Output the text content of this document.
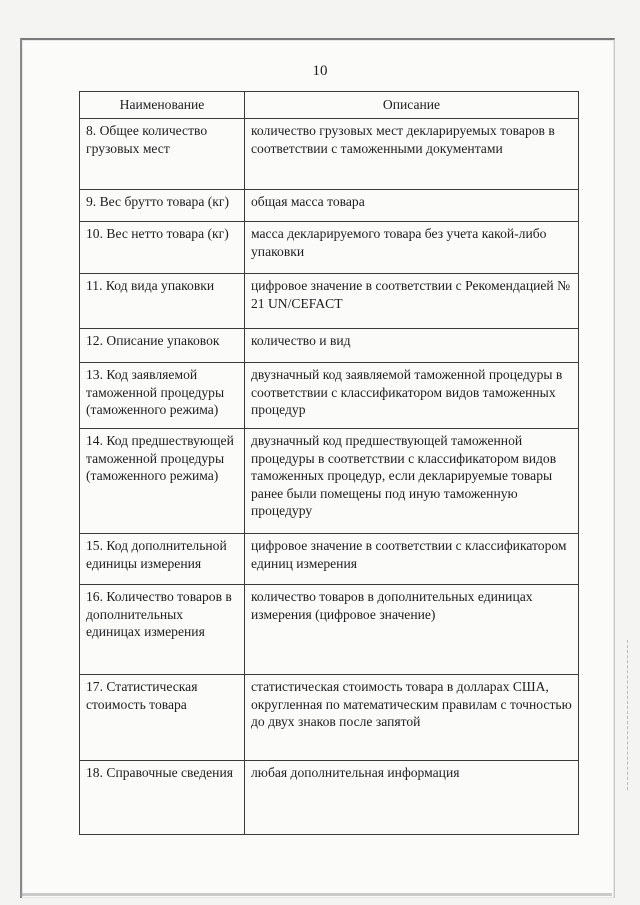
10
Наименование	Описание
8. Общее количество грузовых мест	количество грузовых мест декларируемых товаров в соответствии с таможенными документами
9. Вес брутто товара (кг)	общая масса товара
10. Вес нетто товара (кг)	масса декларируемого товара без учета какой-либо упаковки
11. Код вида упаковки	цифровое значение в соответствии с Рекомендацией № 21 UN/CEFACT
12. Описание упаковок	количество и вид
13. Код заявляемой таможенной процедуры (таможенного режима)	двузначный код заявляемой таможенной процедуры в соответствии с классификатором видов таможенных процедур
14. Код предшествующей таможенной процедуры (таможенного режима)	двузначный код предшествующей таможенной процедуры в соответствии с классификатором видов таможенных процедур, если декларируемые товары ранее были помещены под иную таможенную процедуру
15. Код дополнительной единицы измерения	цифровое значение в соответствии с классификатором единиц измерения
16. Количество товаров в дополнительных единицах измерения	количество товаров в дополнительных единицах измерения (цифровое значение)
17. Статистическая стоимость товара	статистическая стоимость товара в долларах США, округленная по математическим правилам с точностью до двух знаков после запятой
18. Справочные сведения	любая дополнительная информация
